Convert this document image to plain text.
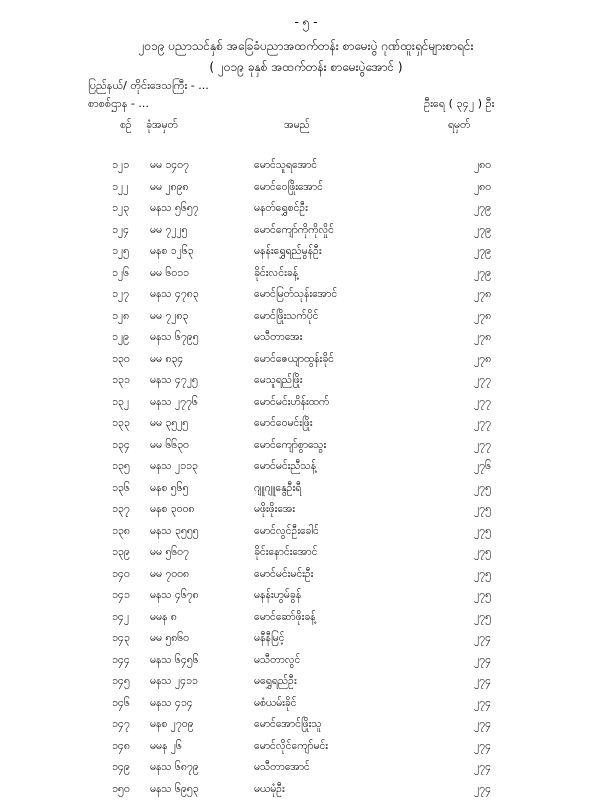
- ၅ -
၂၀၁၉ ပညာသင်နှစ် အခြေခံပညာအထက်တန်း စာမေးပွဲ ဂုဏ်ထူးရှင်များစာရင်း
( ၂၀၁၉ ခုနှစ် အထက်တန်း စာမေးပွဲအောင် )
ပြည်နယ်/ တိုင်းဒေသကြီး - ...
စာစစ်ဌာန - ...	ဦးရေ ( ၃၄၂ ) ဦး
စဉ် ခုံအမှတ်	အမည်	ရမှတ်
၁၂၁ မမ ၁၄၀၇	မောင်သူရအောင်	၂၈၀
၁၂၂ မမ ၂၈၉၈	မောင်ဝေဖြိုးအောင်	၂၈၀
၁၂၃ မနသ ၅၆၅၇	မနတ်ရွှေစင်ဦး	၂၇၉
၁၂၄ မမ ၇၂၂၅	မောင်ကျော်ကိုကိုလှိုင်	၂၇၉
၁၂၅ မနစ ၁၂၆၃	မနန်းရွှေရည်မွန်ဦး	၂၇၉
၁၂၆ မမ ၆၀၁၁	ခိုင်းလင်းခန့်	၂၇၉
၁၂၇ မနသ ၄၇၈၃	မောင်မြတ်သုန်းအောင်	၂၇၈
၁၂၈ မမ ၇၂၈၃	မောင်ဖြိုးသက်ပိုင်	၂၇၈
၁၂၉ မနသ ၆၇၉၅	မသီတာအေး	၂၇၈
၁၃၀ မမ ၈၃၄	မောင်ဇေယျာထွန်းခိုင်	၂၇၈
၁၃၁ မနသ ၄၇၂၅	မေသူရည်ဖြိုး	၂၇၇
၁၃၂ မနသ ၂၇၇၆	မောင်မင်းဟိန်းထက်	၂၇၇
၁၃၃ မမ ၃၅၂၅	မောင်ဝေမင်းဖြိုး	၂၇၇
၁၃၄ မမ ၆၆၃၀	မောင်ကျော်စွာသွေး	၂၇၇
၁၃၅ မနသ ၂၁၁၃	မောင်မင်းညီသန့်	၂၇၆
၁၃၆ မနစ ၅၆၅	ဂျူဂျူနွေဦးရီ	၂၇၅
၁၃၇ မနစ ၃၀၀၈	မဖိုးဖိုးအေး	၂၇၅
၁၃၈ မနသ ၃၅၅၅	မောင်လွင်ဦးခေါင်	၂၇၅
၁၃၉ မမ ၅၆၀၇	ခိုင်းနောင်းအောင်	၂၇၅
၁၄၀ မမ ၇၀၀၈	မောင်မင်းမင်းဦး	၂၇၅
၁၄၁ မနသ ၄၆၇၈	မနန်းဟွမ်ခွန်	၂၇၅
၁၄၂ မမန ၈	မောင်ဆော်ဖိုးခန့်	၂၇၅
၁၄၃ မမ ၅၈၆၀	မနီနီမြင့်	၂၇၄
၁၄၄ မနသ ၆၄၅၆	မသီတာလွင်	၂၇၄
၁၄၅ မနသ ၂၄၁၁	မရွှေရည်ဦး	၂၇၄
၁၄၆ မနသ ၄၁၄	မစံယမ်းခိုင်	၂၇၄
၁၄၇ မနစ ၂၇၀၉	မောင်အောင်ဖြိုးသူ	၂၇၄
၁၄၈ မမန ၂၆	မောင်လိုင်ကျော်မင်း	၂၇၄
၁၄၉ မနသ ၆၈၇၉	မသီတာအောင်	၂၇၄
၁၅၀ မနသ ၆၉၅၃	မယမုံဦး	၂၇၄
